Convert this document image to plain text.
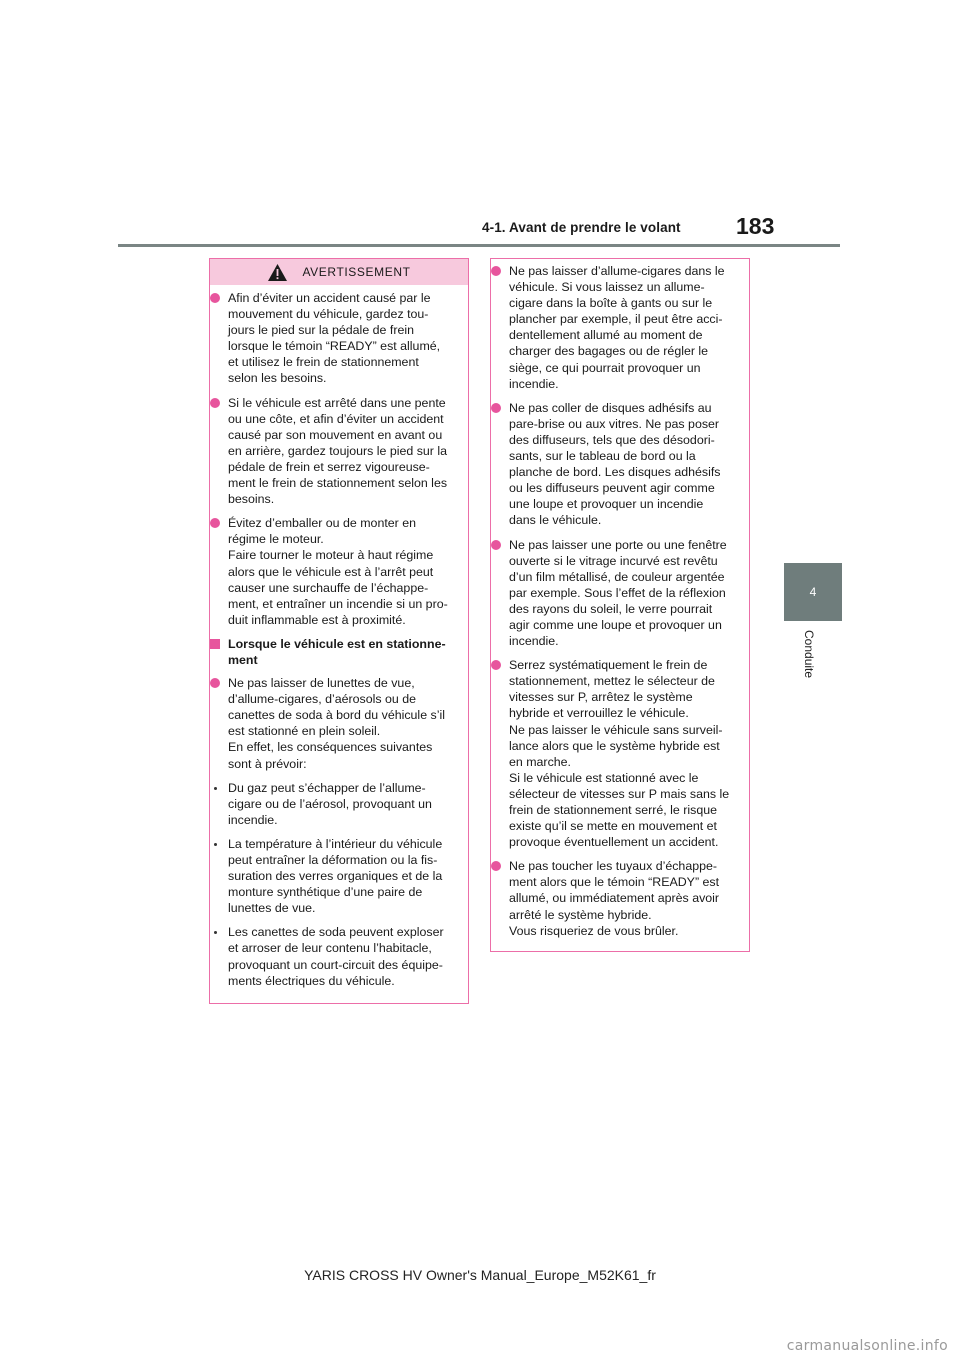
4-1. Avant de prendre le volant 183
4
Conduite
AVERTISSEMENT
Afin d’éviter un accident causé par le
mouvement du véhicule, gardez tou-
jours le pied sur la pédale de frein
lorsque le témoin “READY” est allumé,
et utilisez le frein de stationnement
selon les besoins.
Si le véhicule est arrêté dans une pente
ou une côte, et afin d’éviter un accident
causé par son mouvement en avant ou
en arrière, gardez toujours le pied sur la
pédale de frein et serrez vigoureuse-
ment le frein de stationnement selon les
besoins.
Évitez d’emballer ou de monter en
régime le moteur.
Faire tourner le moteur à haut régime
alors que le véhicule est à l’arrêt peut
causer une surchauffe de l’échappe-
ment, et entraîner un incendie si un pro-
duit inflammable est à proximité.
Lorsque le véhicule est en stationne-
ment
Ne pas laisser de lunettes de vue,
d’allume-cigares, d’aérosols ou de
canettes de soda à bord du véhicule s’il
est stationné en plein soleil.
En effet, les conséquences suivantes
sont à prévoir:
Du gaz peut s’échapper de l’allume-
cigare ou de l’aérosol, provoquant un
incendie.
La température à l’intérieur du véhicule
peut entraîner la déformation ou la fis-
suration des verres organiques et de la
monture synthétique d’une paire de
lunettes de vue.
Les canettes de soda peuvent exploser
et arroser de leur contenu l’habitacle,
provoquant un court-circuit des équipe-
ments électriques du véhicule.
Ne pas laisser d’allume-cigares dans le
véhicule. Si vous laissez un allume-
cigare dans la boîte à gants ou sur le
plancher par exemple, il peut être acci-
dentellement allumé au moment de
charger des bagages ou de régler le
siège, ce qui pourrait provoquer un
incendie.
Ne pas coller de disques adhésifs au
pare-brise ou aux vitres. Ne pas poser
des diffuseurs, tels que des désodori-
sants, sur le tableau de bord ou la
planche de bord. Les disques adhésifs
ou les diffuseurs peuvent agir comme
une loupe et provoquer un incendie
dans le véhicule.
Ne pas laisser une porte ou une fenêtre
ouverte si le vitrage incurvé est revêtu
d’un film métallisé, de couleur argentée
par exemple. Sous l’effet de la réflexion
des rayons du soleil, le verre pourrait
agir comme une loupe et provoquer un
incendie.
Serrez systématiquement le frein de
stationnement, mettez le sélecteur de
vitesses sur P, arrêtez le système
hybride et verrouillez le véhicule.
Ne pas laisser le véhicule sans surveil-
lance alors que le système hybride est
en marche.
Si le véhicule est stationné avec le
sélecteur de vitesses sur P mais sans le
frein de stationnement serré, le risque
existe qu’il se mette en mouvement et
provoque éventuellement un accident.
Ne pas toucher les tuyaux d’échappe-
ment alors que le témoin “READY” est
allumé, ou immédiatement après avoir
arrêté le système hybride.
Vous risqueriez de vous brûler.
YARIS CROSS HV Owner's Manual_Europe_M52K61_fr
carmanualsonline.info
